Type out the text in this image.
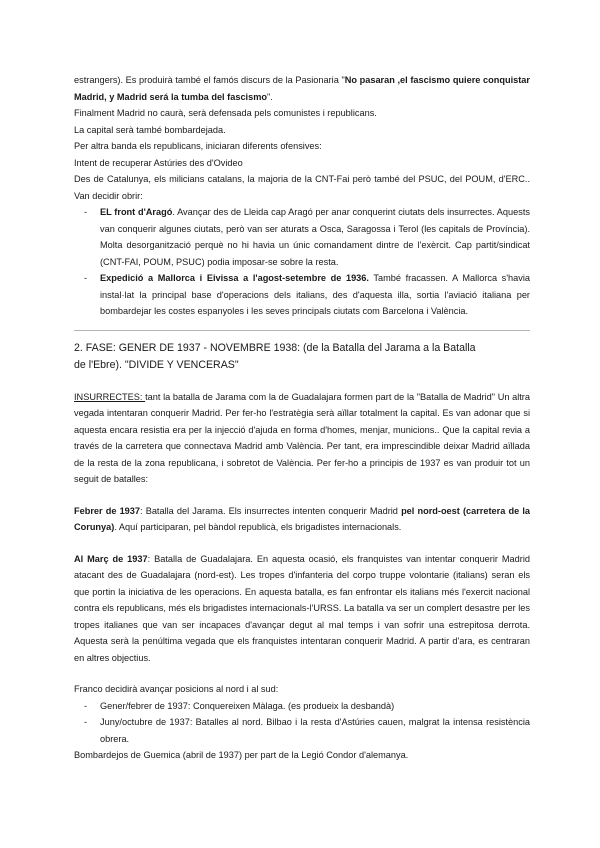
estrangers). Es produirà també el famós discurs de la Pasionaria "No pasaran ,el fascismo quiere conquistar Madrid, y Madrid será la tumba del fascismo".

Finalment Madrid no caurà, serà defensada pels comunistes i republicans.

La capital serà també bombardejada.

Per altra banda els republicans, iniciaran diferents ofensives:

Intent de recuperar Astúries des d'Ovideo

Des de Catalunya, els milicians catalans, la majoria de la CNT-Fai però també del PSUC, del POUM, d'ERC.. Van decidir obrir:

- EL front d'Aragó. Avançar des de Lleida cap Aragó per anar conquerint ciutats dels insurrectes. Aquests van conquerir algunes ciutats, però van ser aturats a Osca, Saragossa i Terol (les capitals de Província). Molta desorganització perquè no hi havia un únic comandament dintre de l'exèrcit. Cap partit/sindicat (CNT-FAI, POUM, PSUC) podia imposar-se sobre la resta.
- Expedició a Mallorca i Eivissa a l'agost-setembre de 1936. També fracassen. A Mallorca s'havia instal·lat la principal base d'operacions dels italians, des d'aquesta illa, sortia l'aviació italiana per bombardejar les costes espanyoles i les seves principals ciutats com Barcelona i València.

2. FASE: GENER DE 1937 - NOVEMBRE 1938: (de la Batalla del Jarama a la Batalla
de l'Ebre). "DIVIDE Y VENCERAS"

INSURRECTES: tant la batalla de Jarama com la de Guadalajara formen part de la "Batalla de Madrid" Un altra vegada intentaran conquerir Madrid. Per fer-ho l'estratègia serà aïllar totalment la capital. Es van adonar que si aquesta encara resistia era per la injecció d'ajuda en forma d'homes, menjar, municions.. Que la capital revia a través de la carretera que connectava Madrid amb València. Per tant, era imprescindible deixar Madrid aïllada de la resta de la zona republicana, i sobretot de València. Per fer-ho a principis de 1937 es van produir tot un seguit de batalles:

Febrer de 1937: Batalla del Jarama. Els insurrectes intenten conquerir Madrid pel nord-oest (carretera de la Corunya). Aquí participaran, pel bàndol republicà, els brigadistes internacionals.

Al Març de 1937: Batalla de Guadalajara. En aquesta ocasió, els franquistes van intentar conquerir Madrid atacant des de Guadalajara (nord-est). Les tropes d'infanteria del corpo truppe volontarie (italians) seran els que portin la iniciativa de les operacions. En aquesta batalla, es fan enfrontar els italians més l'exercit nacional contra els republicans, més els brigadistes internacionals-l'URSS. La batalla va ser un complert desastre per les tropes italianes que van ser incapaces d'avançar degut al mal temps i van sofrir una estrepitosa derrota. Aquesta serà la penúltima vegada que els franquistes intentaran conquerir Madrid. A partir d'ara, es centraran en altres objectius.

Franco decidirà avançar posicions al nord i al sud:

- Gener/febrer de 1937: Conquereixen Màlaga. (es produeix la desbandà)
- Juny/octubre de 1937: Batalles al nord. Bilbao i la resta d'Astúries cauen, malgrat la intensa resistència obrera.

Bombardejos de Guemica (abril de 1937) per part de la Legió Condor d'alemanya.
